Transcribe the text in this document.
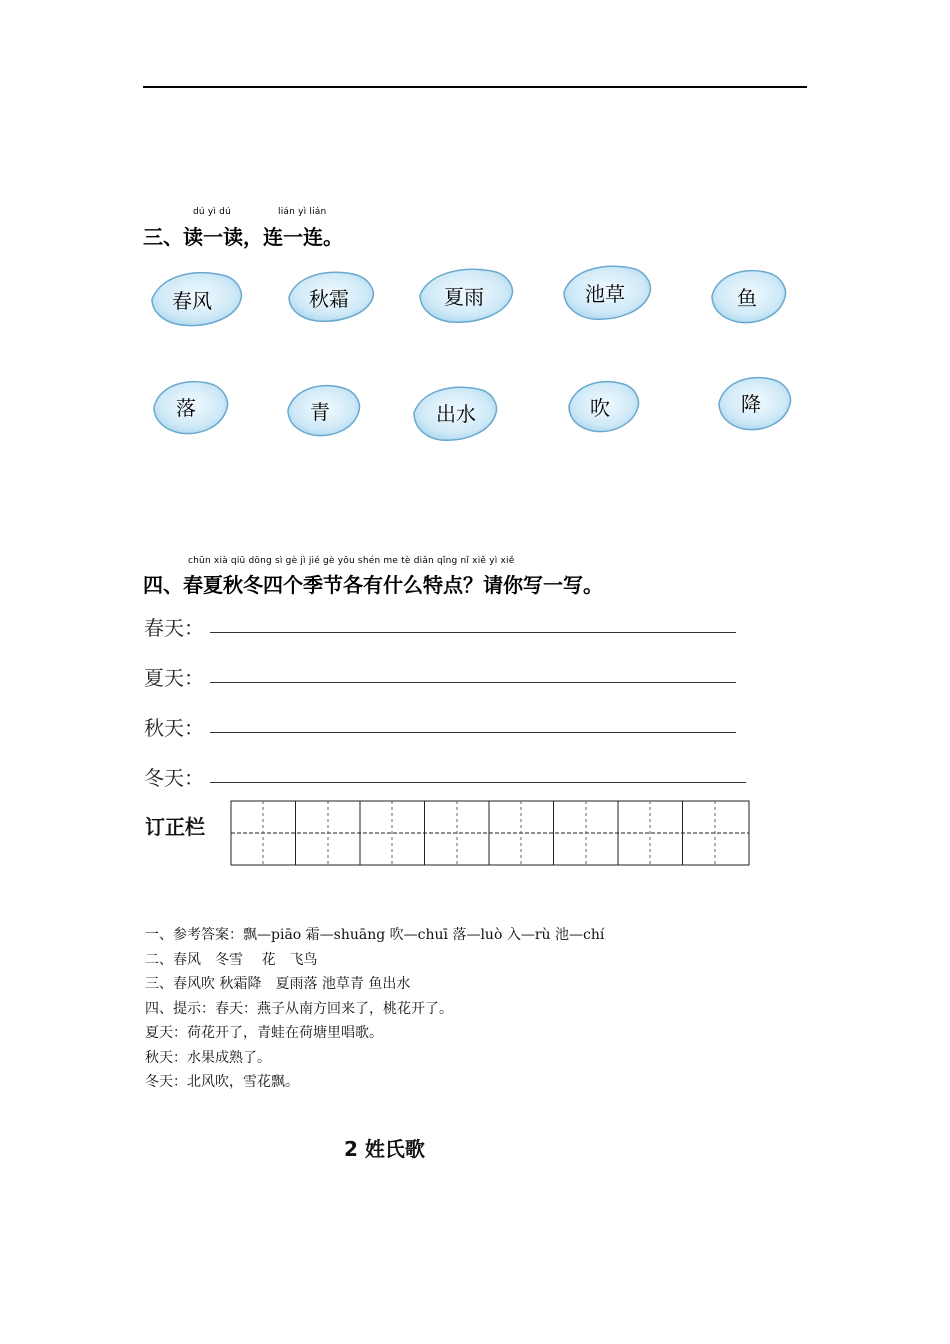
dú yì dú	lián yì lián
三、读一读，连一连。
春风	秋霜	夏雨	池草	鱼
落	青	出水	吹	降
chūn xià qiū dōng sì gè jì jié gè yǒu shén me tè diǎn qǐng nǐ xiě yì xiě
四、春夏秋冬四个季节各有什么特点？请你写一写。
春天：
夏天：
秋天：
冬天：
订正栏
一、参考答案：飘—piāo 霜—shuāng 吹—chuī 落—luò 入—rù 池—chí
二、春风　冬雪　 花　飞鸟
三、春风吹 秋霜降　夏雨落 池草青 鱼出水
四、提示：春天：燕子从南方回来了，桃花开了。
夏天：荷花开了，青蛙在荷塘里唱歌。
秋天：水果成熟了。
冬天：北风吹，雪花飘。
2 姓氏歌
